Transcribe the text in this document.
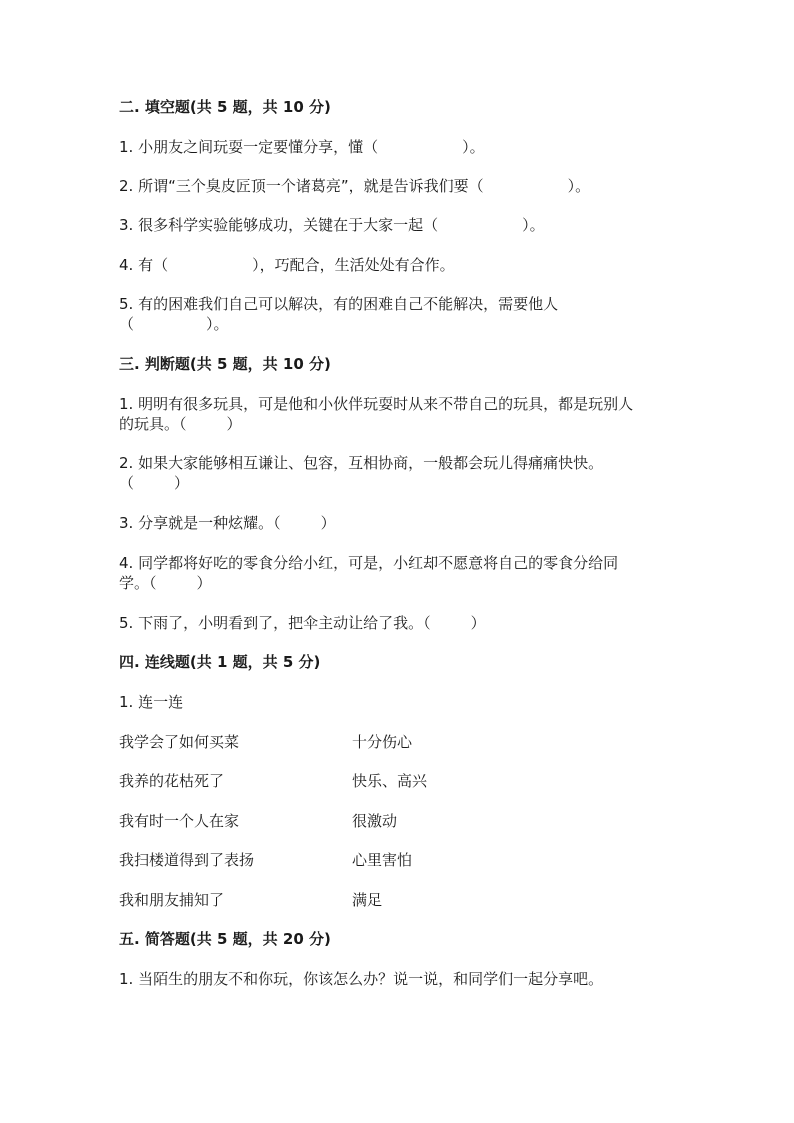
二. 填空题(共 5 题，共 10 分)
1. 小朋友之间玩耍一定要懂分享，懂（	）。
2. 所谓“三个臭皮匠顶一个诸葛亮”，就是告诉我们要（	）。
3. 很多科学实验能够成功，关键在于大家一起（	）。
4. 有（	），巧配合，生活处处有合作。
5. 有的困难我们自己可以解决，有的困难自己不能解决，需要他人
（	）。
三. 判断题(共 5 题，共 10 分)
1. 明明有很多玩具，可是他和小伙伴玩耍时从来不带自己的玩具，都是玩别人
的玩具。（	）
2. 如果大家能够相互谦让、包容，互相协商，一般都会玩儿得痛痛快快。
（	）
3. 分享就是一种炫耀。（	）
4. 同学都将好吃的零食分给小红，可是，小红却不愿意将自己的零食分给同
学。（	）
5. 下雨了，小明看到了，把伞主动让给了我。（	）
四. 连线题(共 1 题，共 5 分)
1. 连一连
我学会了如何买菜	十分伤心
我养的花枯死了	快乐、高兴
我有时一个人在家	很激动
我扫楼道得到了表扬	心里害怕
我和朋友捕知了	满足
五. 简答题(共 5 题，共 20 分)
1. 当陌生的朋友不和你玩，你该怎么办？说一说，和同学们一起分享吧。
